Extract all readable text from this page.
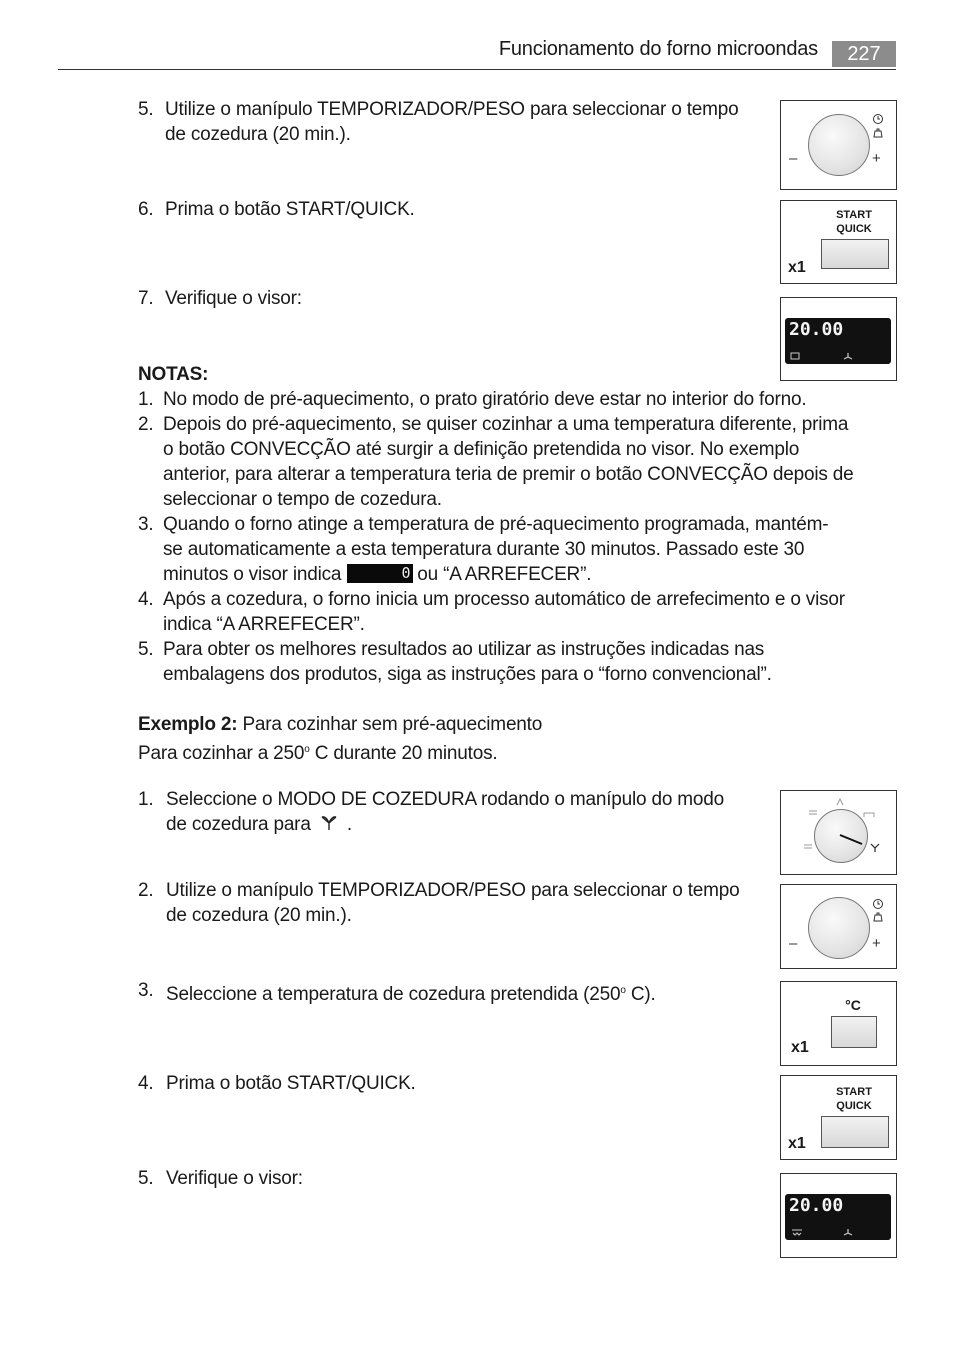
Funcionamento do forno microondas	227
5. Utilize o manípulo TEMPORIZADOR/PESO para seleccionar o tempo
de cozedura (20 min.).
6. Prima o botão START/QUICK.
7. Verifique o visor:
–	+
START
QUICK
x1
20.00
NOTAS:
1. No modo de pré-aquecimento, o prato giratório deve estar no interior do forno.
2. Depois do pré-aquecimento, se quiser cozinhar a uma temperatura diferente, prima
o botão CONVECÇÃO até surgir a definição pretendida no visor. No exemplo
anterior, para alterar a temperatura teria de premir o botão CONVECÇÃO depois de
seleccionar o tempo de cozedura.
3. Quando o forno atinge a temperatura de pré-aquecimento programada, mantém-
se automaticamente a esta temperatura durante 30 minutos. Passado este 30
minutos o visor indica	0 ou “A ARREFECER”.
4. Após a cozedura, o forno inicia um processo automático de arrefecimento e o visor
indica “A ARREFECER”.
5. Para obter os melhores resultados ao utilizar as instruções indicadas nas
embalagens dos produtos, siga as instruções para o “forno convencional”.
Exemplo 2: Para cozinhar sem pré-aquecimento
Para cozinhar a 250$^o$ C durante 20 minutos.
1. Seleccione o MODO DE COZEDURA rodando o manípulo do modo
de cozedura para .
2. Utilize o manípulo TEMPORIZADOR/PESO para seleccionar o tempo
de cozedura (20 min.).
3. Seleccione a temperatura de cozedura pretendida (250$^o$ C).
4. Prima o botão START/QUICK.
5. Verifique o visor:
–	+
°C
x1
START
QUICK
x1
20.00
